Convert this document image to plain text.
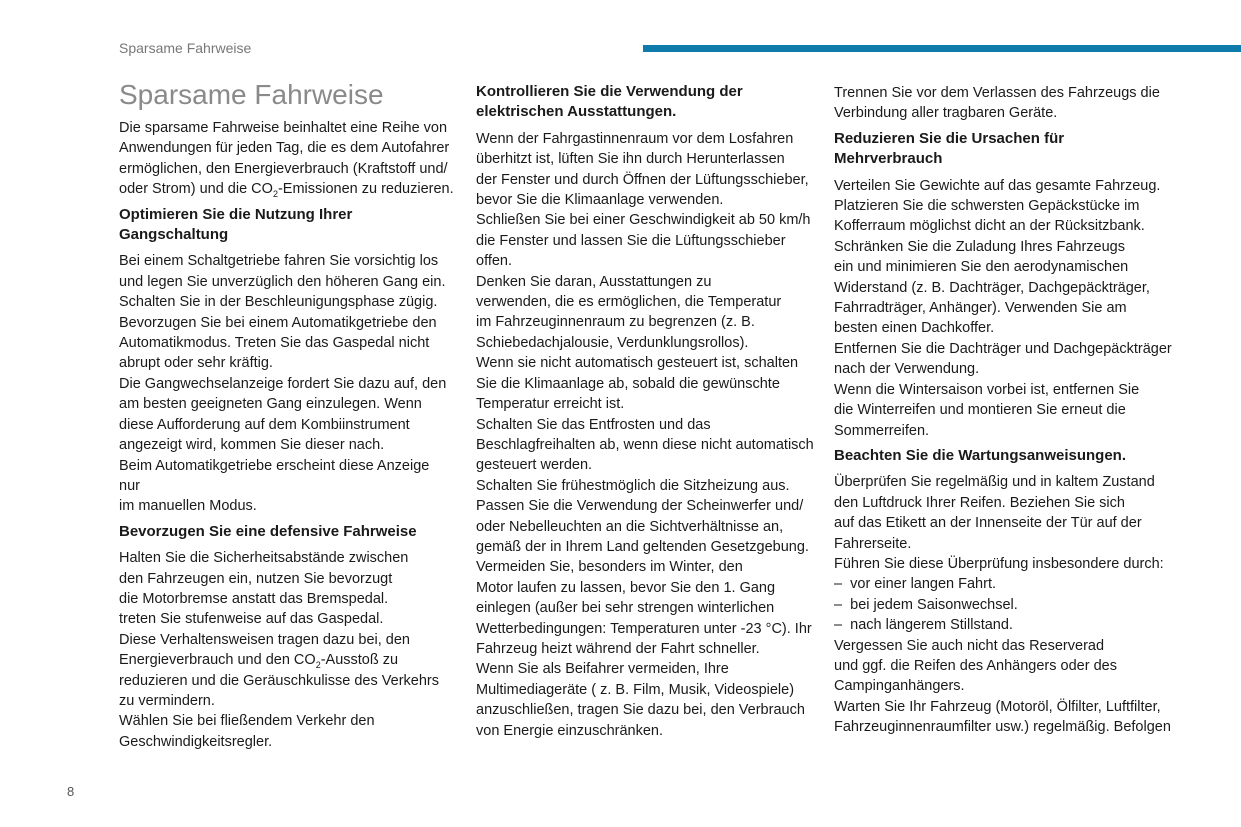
Sparsame Fahrweise
Sparsame Fahrweise

Die sparsame Fahrweise beinhaltet eine Reihe von
Anwendungen für jeden Tag, die es dem Autofahrer
ermöglichen, den Energieverbrauch (Kraftstoff und/
oder Strom) und die $CO_2$-Emissionen zu reduzieren.

Optimieren Sie die Nutzung Ihrer Gangschaltung

Bei einem Schaltgetriebe fahren Sie vorsichtig los
und legen Sie unverzüglich den höheren Gang ein.
Schalten Sie in der Beschleunigungsphase zügig.
Bevorzugen Sie bei einem Automatikgetriebe den
Automatikmodus. Treten Sie das Gaspedal nicht
abrupt oder sehr kräftig.
Die Gangwechselanzeige fordert Sie dazu auf, den
am besten geeigneten Gang einzulegen. Wenn
diese Aufforderung auf dem Kombiinstrument
angezeigt wird, kommen Sie dieser nach.
Beim Automatikgetriebe erscheint diese Anzeige nur
im manuellen Modus.

Bevorzugen Sie eine defensive Fahrweise

Halten Sie die Sicherheitsabstände zwischen
den Fahrzeugen ein, nutzen Sie bevorzugt
die Motorbremse anstatt das Bremspedal.
treten Sie stufenweise auf das Gaspedal.
Diese Verhaltensweisen tragen dazu bei, den
Energieverbrauch und den $CO_2$-Ausstoß zu
reduzieren und die Geräuschkulisse des Verkehrs
zu vermindern.
Wählen Sie bei fließendem Verkehr den
Geschwindigkeitsregler.

Kontrollieren Sie die Verwendung der elektrischen Ausstattungen.

Wenn der Fahrgastinnenraum vor dem Losfahren
überhitzt ist, lüften Sie ihn durch Herunterlassen
der Fenster und durch Öffnen der Lüftungsschieber,
bevor Sie die Klimaanlage verwenden.
Schließen Sie bei einer Geschwindigkeit ab 50 km/h
die Fenster und lassen Sie die Lüftungsschieber
offen.
Denken Sie daran, Ausstattungen zu
verwenden, die es ermöglichen, die Temperatur
im Fahrzeuginnenraum zu begrenzen (z. B.
Schiebedachjalousie, Verdunklungsrollos).
Wenn sie nicht automatisch gesteuert ist, schalten
Sie die Klimaanlage ab, sobald die gewünschte
Temperatur erreicht ist.
Schalten Sie das Entfrosten und das
Beschlagfreihalten ab, wenn diese nicht automatisch
gesteuert werden.
Schalten Sie frühestmöglich die Sitzheizung aus.
Passen Sie die Verwendung der Scheinwerfer und/
oder Nebelleuchten an die Sichtverhältnisse an,
gemäß der in Ihrem Land geltenden Gesetzgebung.
Vermeiden Sie, besonders im Winter, den
Motor laufen zu lassen, bevor Sie den 1. Gang
einlegen (außer bei sehr strengen winterlichen
Wetterbedingungen: Temperaturen unter -23 °C). Ihr
Fahrzeug heizt während der Fahrt schneller.
Wenn Sie als Beifahrer vermeiden, Ihre
Multimediageräte ( z. B. Film, Musik, Videospiele)
anzuschließen, tragen Sie dazu bei, den Verbrauch
von Energie einzuschränken.

Trennen Sie vor dem Verlassen des Fahrzeugs die
Verbindung aller tragbaren Geräte.

Reduzieren Sie die Ursachen für Mehrverbrauch

Verteilen Sie Gewichte auf das gesamte Fahrzeug.
Platzieren Sie die schwersten Gepäckstücke im
Kofferraum möglichst dicht an der Rücksitzbank.
Schränken Sie die Zuladung Ihres Fahrzeugs
ein und minimieren Sie den aerodynamischen
Widerstand (z. B. Dachträger, Dachgepäckträger,
Fahrradträger, Anhänger). Verwenden Sie am
besten einen Dachkoffer.
Entfernen Sie die Dachträger und Dachgepäckträger
nach der Verwendung.
Wenn die Wintersaison vorbei ist, entfernen Sie
die Winterreifen und montieren Sie erneut die
Sommerreifen.

Beachten Sie die Wartungsanweisungen.

Überprüfen Sie regelmäßig und in kaltem Zustand
den Luftdruck Ihrer Reifen. Beziehen Sie sich
auf das Etikett an der Innenseite der Tür auf der
Fahrerseite.
Führen Sie diese Überprüfung insbesondere durch:

–  vor einer langen Fahrt.
–  bei jedem Saisonwechsel.
–  nach längerem Stillstand.

Vergessen Sie auch nicht das Reserverad
und ggf. die Reifen des Anhängers oder des
Campinganhängers.
Warten Sie Ihr Fahrzeug (Motoröl, Ölfilter, Luftfilter,
Fahrzeuginnenraumfilter usw.) regelmäßig. Befolgen

8
